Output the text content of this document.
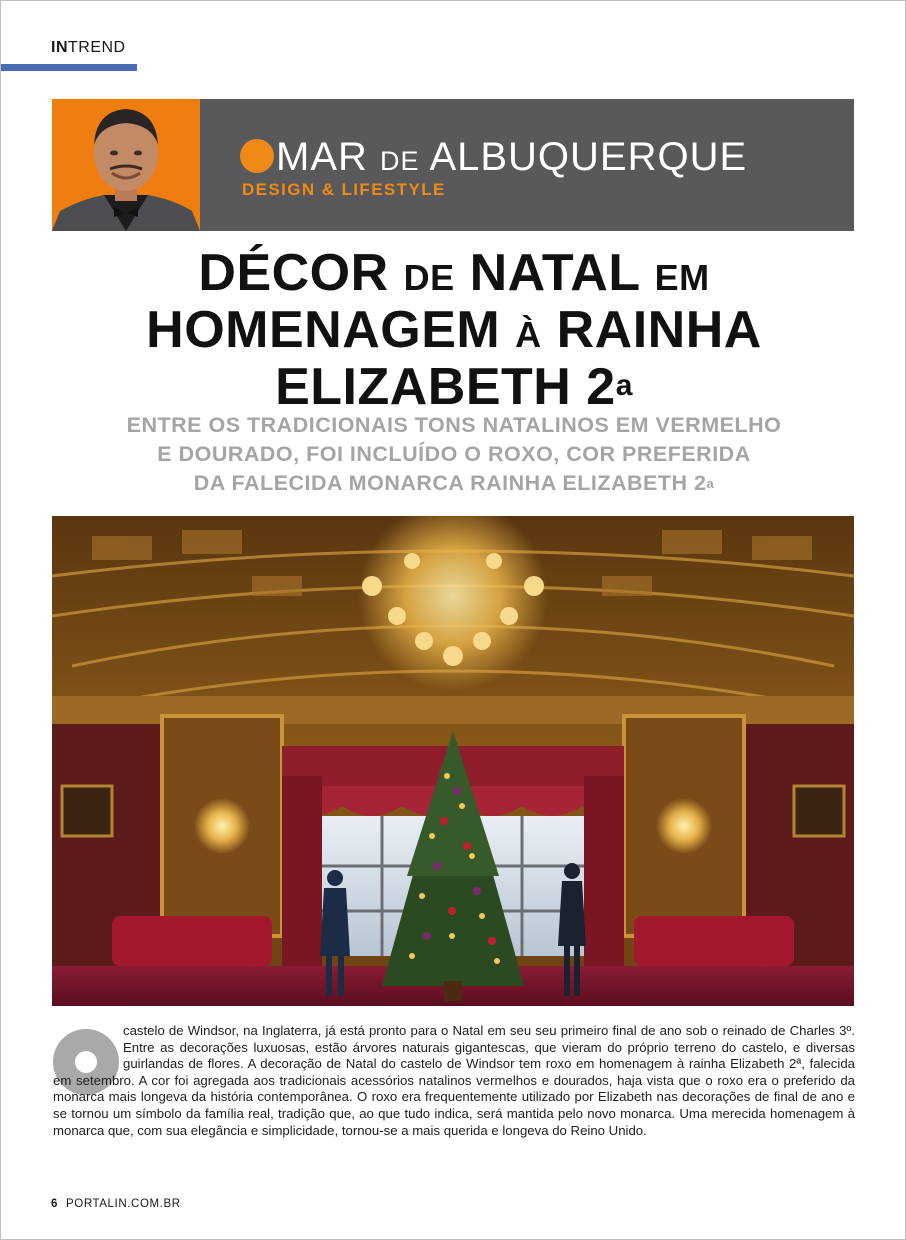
INTREND
MAR DE ALBUQUERQUE
DESIGN & LIFESTYLE
DÉCOR DE NATAL EM
HOMENAGEM À RAINHA
ELIZABETH 2$^a$
ENTRE OS TRADICIONAIS TONS NATALINOS EM VERMELHO
E DOURADO, FOI INCLUÍDO O ROXO, COR PREFERIDA
DA FALECIDA MONARCA RAINHA ELIZABETH 2$^a$
castelo de Windsor, na Inglaterra, já está pronto para o Natal em seu seu primeiro final de ano sob o reinado de Charles 3º. Entre as decorações luxuosas, estão árvores naturais gigantescas, que vieram do próprio terreno do castelo, e diversas guirlandas de flores. A decoração de Natal do castelo de Windsor tem roxo em homenagem à rainha Elizabeth 2ª, falecida em setembro. A cor foi agregada aos tradicionais acessórios natalinos vermelhos e dourados, haja vista que o roxo era o preferido da monarca mais longeva da história contemporânea. O roxo era frequentemente utilizado por Elizabeth nas decorações de final de ano e se tornou um símbolo da família real, tradição que, ao que tudo indica, será mantida pelo novo monarca. Uma merecida homenagem à monarca que, com sua elegância e simplicidade, tornou-se a mais querida e longeva do Reino Unido.
6 PORTALIN.COM.BR
